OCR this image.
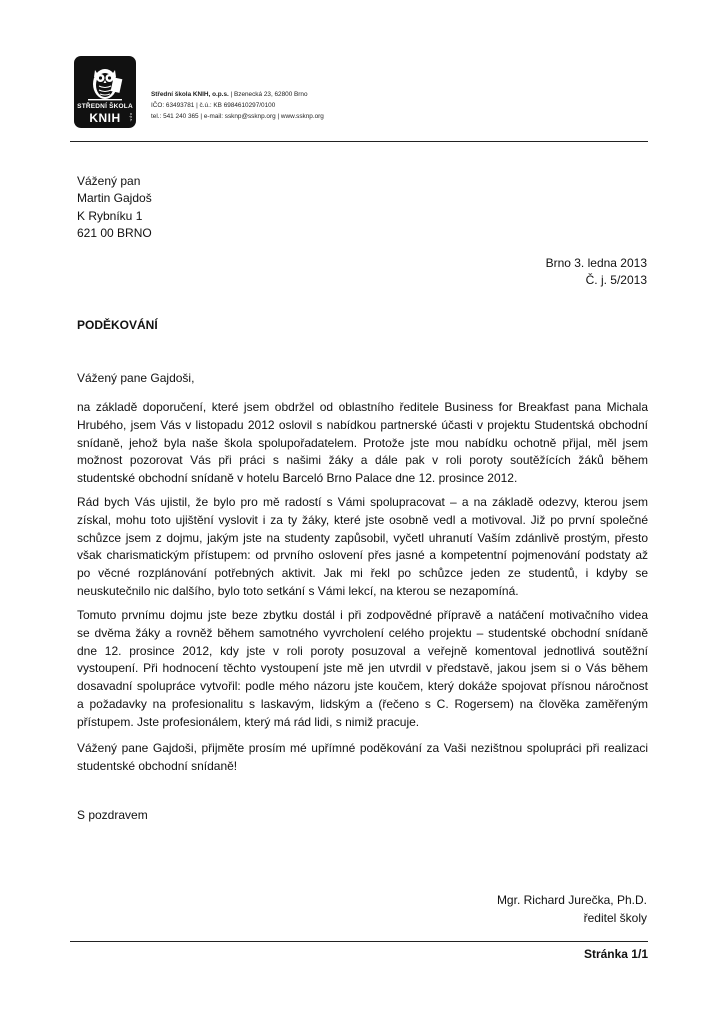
STŘEDNÍ ŠKOLA
KNIH	o.p.s.
Střední škola KNIH, o.p.s. | Bzenecká 23, 62800 Brno
IČO: 63493781 | č.ú.: KB 6984610297/0100
tel.: 541 240 365 | e-mail: ssknp@ssknp.org | www.ssknp.org
Vážený pan
Martin Gajdoš
K Rybníku 1
621 00 BRNO
Brno 3. ledna 2013
Č. j. 5/2013
PODĚKOVÁNÍ
Vážený pane Gajdoši,
na základě doporučení, které jsem obdržel od oblastního ředitele Business for Breakfast pana Michala
Hrubého, jsem Vás v listopadu 2012 oslovil s nabídkou partnerské účasti v projektu Studentská obchodní
snídaně, jehož byla naše škola spolupořadatelem. Protože jste mou nabídku ochotně přijal, měl jsem
možnost pozorovat Vás při práci s našimi žáky a dále pak v roli poroty soutěžících žáků během
studentské obchodní snídaně v hotelu Barceló Brno Palace dne 12. prosince 2012.
Rád bych Vás ujistil, že bylo pro mě radostí s Vámi spolupracovat – a na základě odezvy, kterou jsem
získal, mohu toto ujištění vyslovit i za ty žáky, které jste osobně vedl a motivoval. Již po první společné
schůzce jsem z dojmu, jakým jste na studenty zapůsobil, vyčetl uhranutí Vaším zdánlivě prostým, přesto
však charismatickým přístupem: od prvního oslovení přes jasné a kompetentní pojmenování podstaty až
po věcné rozplánování potřebných aktivit. Jak mi řekl po schůzce jeden ze studentů, i kdyby se
neuskutečnilo nic dalšího, bylo toto setkání s Vámi lekcí, na kterou se nezapomíná.
Tomuto prvnímu dojmu jste beze zbytku dostál i při zodpovědné přípravě a natáčení motivačního videa
se dvěma žáky a rovněž během samotného vyvrcholení celého projektu – studentské obchodní snídaně
dne 12. prosince 2012, kdy jste v roli poroty posuzoval a veřejně komentoval jednotlivá soutěžní
vystoupení. Při hodnocení těchto vystoupení jste mě jen utvrdil v představě, jakou jsem si o Vás během
dosavadní spolupráce vytvořil: podle mého názoru jste koučem, který dokáže spojovat přísnou náročnost
a požadavky na profesionalitu s laskavým, lidským a (řečeno s C. Rogersem) na člověka zaměřeným
přístupem. Jste profesionálem, který má rád lidi, s nimiž pracuje.
Vážený pane Gajdoši, přijměte prosím mé upřímné poděkování za Vaši nezištnou spolupráci při realizaci
studentské obchodní snídaně!
S pozdravem
Mgr. Richard Jurečka, Ph.D.
ředitel školy
Stránka 1/1
